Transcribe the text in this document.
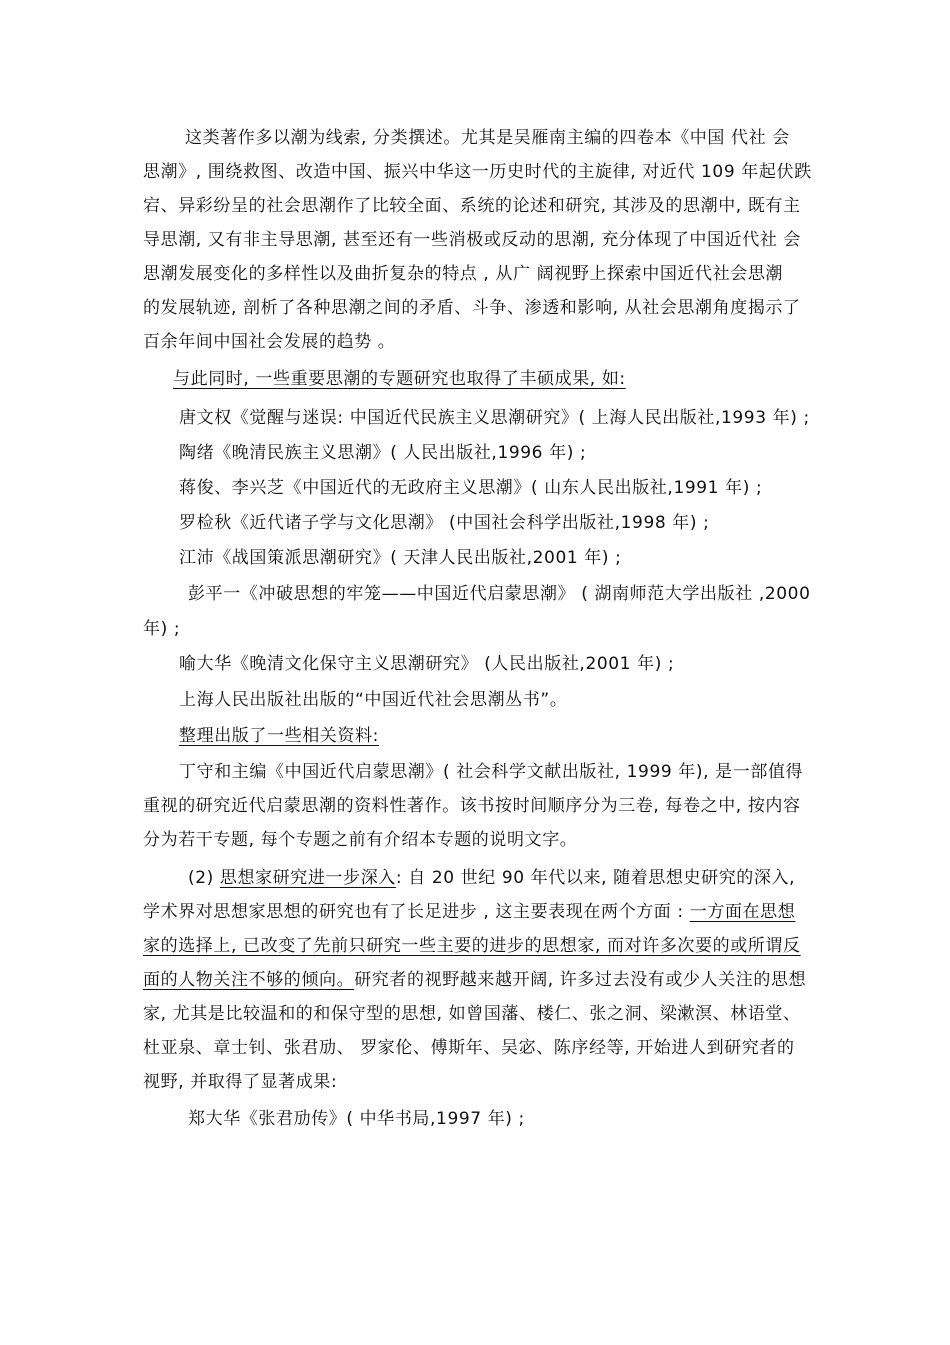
这类著作多以潮为线索, 分类撰述。尤其是吴雁南主编的四卷本《中国 代社 会
思潮》, 围绕救图、改造中国、振兴中华这一历史时代的主旋律, 对近代 109 年起伏跌
宕、异彩纷呈的社会思潮作了比较全面、系统的论述和研究, 其涉及的思潮中, 既有主
导思潮, 又有非主导思潮, 甚至还有一些消极或反动的思潮, 充分体现了中国近代社 会
思潮发展变化的多样性以及曲折复杂的特点 , 从广 阔视野上探索中国近代社会思潮
的发展轨迹, 剖析了各种思潮之间的矛盾、斗争、渗透和影响, 从社会思潮角度揭示了
百余年间中国社会发展的趋势 。
与此同时, 一些重要思潮的专题研究也取得了丰硕成果, 如:
唐文权《觉醒与迷误: 中国近代民族主义思潮研究》( 上海人民出版社,1993 年) ;
陶绪《晚清民族主义思潮》( 人民出版社,1996 年) ;
蒋俊、李兴芝《中国近代的无政府主义思潮》( 山东人民出版社,1991 年) ;
罗检秋《近代诸子学与文化思潮》 (中国社会科学出版社,1998 年) ;
江沛《战国策派思潮研究》( 天津人民出版社,2001 年) ;
彭平一《冲破思想的牢笼——中国近代启蒙思潮》 ( 湖南师范大学出版社 ,2000
年) ;
喻大华《晚清文化保守主义思潮研究》 (人民出版社,2001 年) ;
上海人民出版社出版的“中国近代社会思潮丛书”。
整理出版了一些相关资料:
丁守和主编《中国近代启蒙思潮》( 社会科学文献出版社, 1999 年), 是一部值得
重视的研究近代启蒙思潮的资料性著作。该书按时间顺序分为三卷, 每卷之中, 按内容
分为若干专题, 每个专题之前有介绍本专题的说明文字。
(2) 思想家研究进一步深入: 自 20 世纪 90 年代以来, 随着思想史研究的深入,
学术界对思想家思想的研究也有了长足进步 , 这主要表现在两个方面 : 一方面在思想
家的选择上, 已改变了先前只研究一些主要的进步的思想家, 而对许多次要的或所谓反
面的人物关注不够的倾向。研究者的视野越来越开阔, 许多过去没有或少人关注的思想
家, 尤其是比较温和的和保守型的思想, 如曾国藩、楼仁、张之洞、梁漱溟、林语堂、
杜亚泉、章士钊、张君劢、 罗家伦、傅斯年、吴宓、陈序经等, 开始进人到研究者的
视野, 并取得了显著成果:
郑大华《张君劢传》( 中华书局,1997 年) ;
